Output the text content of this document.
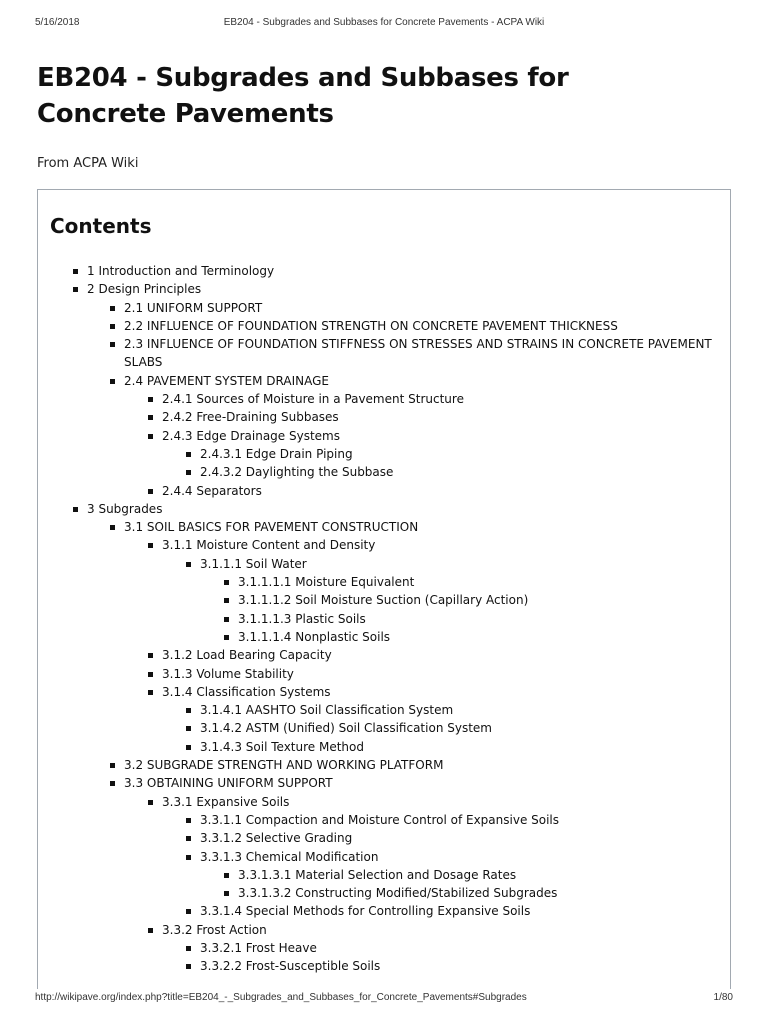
5/16/2018	EB204 - Subgrades and Subbases for Concrete Pavements - ACPA Wiki
EB204 - Subgrades and Subbases for Concrete Pavements
From ACPA Wiki
Contents
1 Introduction and Terminology
2 Design Principles
2.1 UNIFORM SUPPORT
2.2 INFLUENCE OF FOUNDATION STRENGTH ON CONCRETE PAVEMENT THICKNESS
2.3 INFLUENCE OF FOUNDATION STIFFNESS ON STRESSES AND STRAINS IN CONCRETE PAVEMENT SLABS
2.4 PAVEMENT SYSTEM DRAINAGE
2.4.1 Sources of Moisture in a Pavement Structure
2.4.2 Free-Draining Subbases
2.4.3 Edge Drainage Systems
2.4.3.1 Edge Drain Piping
2.4.3.2 Daylighting the Subbase
2.4.4 Separators
3 Subgrades
3.1 SOIL BASICS FOR PAVEMENT CONSTRUCTION
3.1.1 Moisture Content and Density
3.1.1.1 Soil Water
3.1.1.1.1 Moisture Equivalent
3.1.1.1.2 Soil Moisture Suction (Capillary Action)
3.1.1.1.3 Plastic Soils
3.1.1.1.4 Nonplastic Soils
3.1.2 Load Bearing Capacity
3.1.3 Volume Stability
3.1.4 Classification Systems
3.1.4.1 AASHTO Soil Classification System
3.1.4.2 ASTM (Unified) Soil Classification System
3.1.4.3 Soil Texture Method
3.2 SUBGRADE STRENGTH AND WORKING PLATFORM
3.3 OBTAINING UNIFORM SUPPORT
3.3.1 Expansive Soils
3.3.1.1 Compaction and Moisture Control of Expansive Soils
3.3.1.2 Selective Grading
3.3.1.3 Chemical Modification
3.3.1.3.1 Material Selection and Dosage Rates
3.3.1.3.2 Constructing Modified/Stabilized Subgrades
3.3.1.4 Special Methods for Controlling Expansive Soils
3.3.2 Frost Action
3.3.2.1 Frost Heave
3.3.2.2 Frost-Susceptible Soils
http://wikipave.org/index.php?title=EB204_-_Subgrades_and_Subbases_for_Concrete_Pavements#Subgrades	1/80
